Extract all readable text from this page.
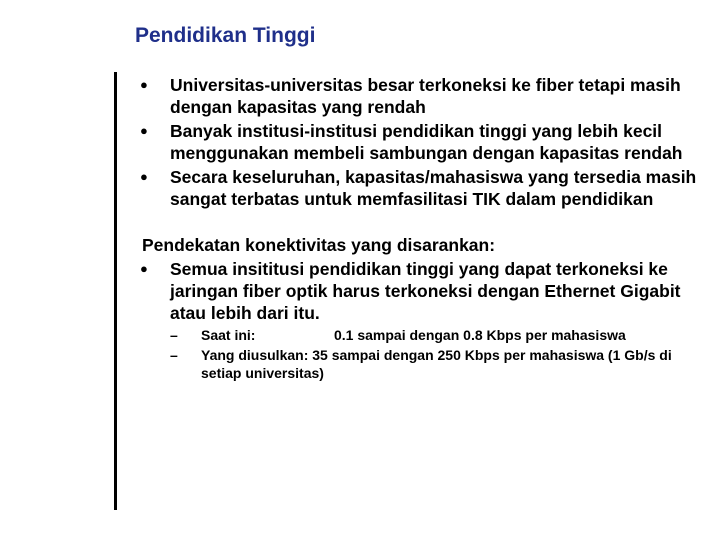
Pendidikan Tinggi
●	Universitas-universitas besar terkoneksi ke fiber tetapi masih dengan kapasitas yang rendah
●	Banyak institusi-institusi pendidikan tinggi yang lebih kecil menggunakan membeli sambungan dengan kapasitas rendah
●	Secara keseluruhan, kapasitas/mahasiswa yang tersedia masih sangat terbatas untuk memfasilitasi TIK dalam pendidikan
Pendekatan konektivitas yang disarankan:
●	Semua insititusi pendidikan tinggi yang dapat terkoneksi ke jaringan fiber optik harus terkoneksi dengan Ethernet Gigabit atau lebih dari itu.
– Saat ini:	0.1 sampai dengan 0.8 Kbps per mahasiswa
– Yang diusulkan: 35 sampai dengan 250 Kbps per mahasiswa (1 Gb/s di setiap universitas)
